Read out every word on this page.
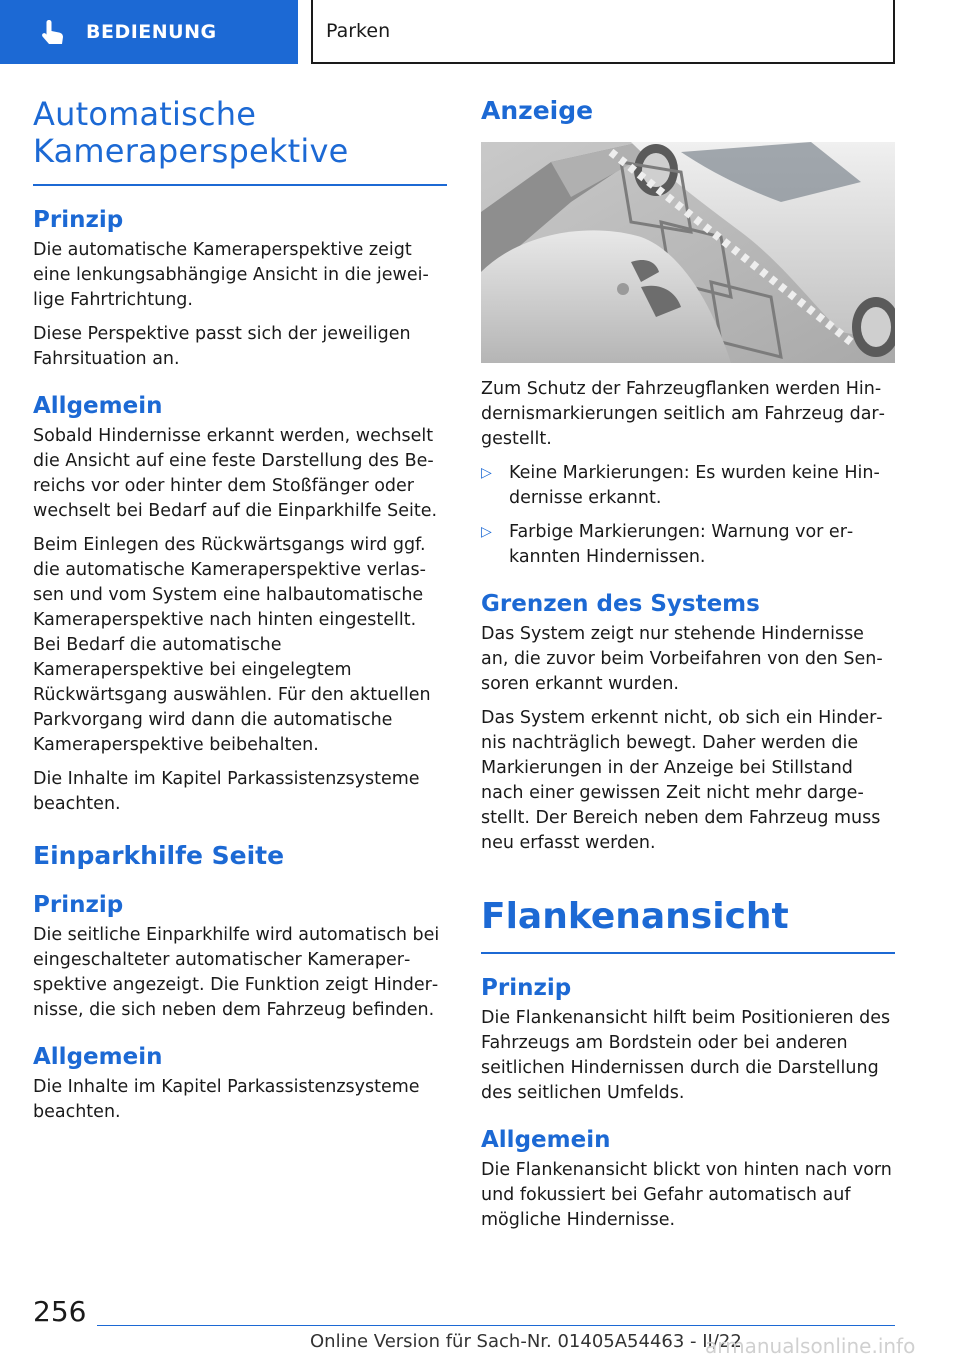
BEDIENUNG	Parken
Automatische Kameraperspektive
Prinzip

Die automatische Kameraperspektive zeigt eine lenkungsabhängige Ansicht in die jeweilige Fahrtrichtung.

Diese Perspektive passt sich der jeweiligen Fahrsituation an.

Allgemein

Sobald Hindernisse erkannt werden, wechselt die Ansicht auf eine feste Darstellung des Bereichs vor oder hinter dem Stoßfänger oder wechselt bei Bedarf auf die Einparkhilfe Seite.

Beim Einlegen des Rückwärtsgangs wird ggf. die automatische Kameraperspektive verlassen und vom System eine halbautomatische Kameraperspektive nach hinten eingestellt. Bei Bedarf die automatische Kameraperspektive bei eingelegtem Rückwärtsgang auswählen. Für den aktuellen Parkvorgang wird dann die automatische Kameraperspektive beibehalten.

Die Inhalte im Kapitel Parkassistenzsysteme beachten.

Einparkhilfe Seite
Prinzip

Die seitliche Einparkhilfe wird automatisch bei eingeschalteter automatischer Kameraperspektive angezeigt. Die Funktion zeigt Hindernisse, die sich neben dem Fahrzeug befinden.

Allgemein

Die Inhalte im Kapitel Parkassistenzsysteme beachten.

Anzeige

Zum Schutz der Fahrzeugflanken werden Hindernismarkierungen seitlich am Fahrzeug dargestellt.

▷ Keine Markierungen: Es wurden keine Hindernisse erkannt.
▷ Farbige Markierungen: Warnung vor erkannten Hindernissen.
Grenzen des Systems

Das System zeigt nur stehende Hindernisse an, die zuvor beim Vorbeifahren von den Sensoren erkannt wurden.

Das System erkennt nicht, ob sich ein Hindernis nachträglich bewegt. Daher werden die Markierungen in der Anzeige bei Stillstand nach einer gewissen Zeit nicht mehr dargestellt. Der Bereich neben dem Fahrzeug muss neu erfasst werden.

Flankenansicht
Prinzip

Die Flankenansicht hilft beim Positionieren des Fahrzeugs am Bordstein oder bei anderen seitlichen Hindernissen durch die Darstellung des seitlichen Umfelds.

Allgemein

Die Flankenansicht blickt von hinten nach vorn und fokussiert bei Gefahr automatisch auf mögliche Hindernisse.

256
Online Version für Sach-Nr. 01405A54463 - II/22
armanualsonline.info
